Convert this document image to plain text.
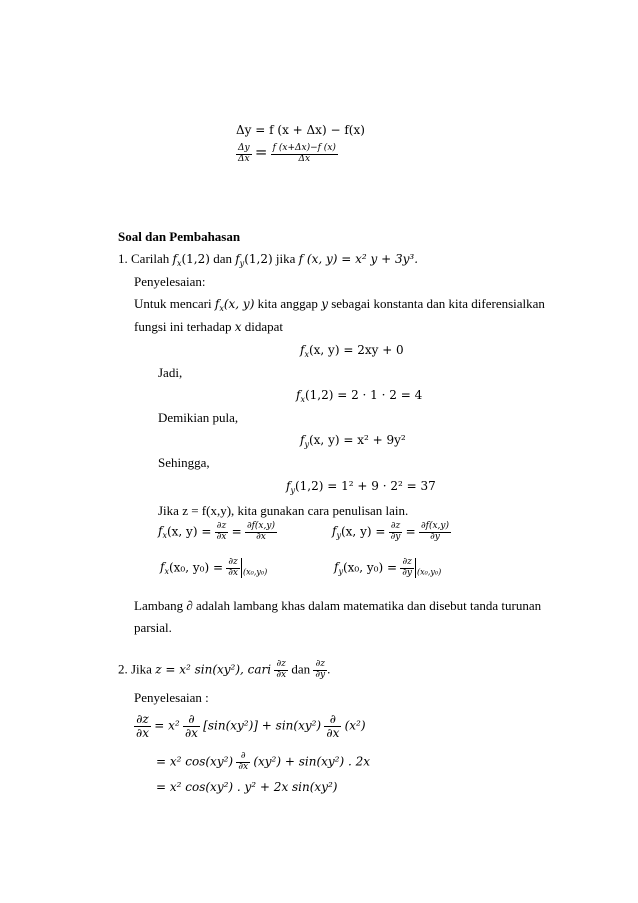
Δy = f (x + Δx) − f(x)
$\frac{\Delta y}{\Delta x} = \frac{f (x+\Delta x)-f (x)}{\Delta x}$
Soal dan Pembahasan
1. Carilah $f_x(1,2)$ dan $f_y(1,2)$ jika f (x, y) = x² y + 3y³.
Penyelesaian:
Untuk mencari $f_x(x$, y) kita anggap y sebagai konstanta dan kita diferensialkan
fungsi ini terhadap x didapat
$f_x(x$, y) = 2xy + 0
Jadi,
$f_x(1,2) = 2 \cdot 1 \cdot 2 = 4$
Demikian pula,
$f_y(x$, y) = x² + 9y²
Sehingga,
$f_y(1,2) = 1^2 + 9 \cdot 2^2 = 37$
Jika z = f(x,y), kita gunakan cara penulisan lain.
$f_x(x$, $y) = \frac{\partial z}{\partial x} = \frac{\partial f(x,y)}{\partial x}$	$f_y(x$, $y) = \frac{\partial z}{\partial y} = \frac{\partial f(x,y)}{\partial y}$
$f_x(x_0$, $y_0) = \frac{\partial z}{\partial x} _{(x_0,y_0)}$	$f_y(x_0$, $y_0) = \frac{\partial z}{\partial y} _{(x_0,y_0)}$
Lambang ∂ adalah lambang khas dalam matematika dan disebut tanda turunan
parsial.
2. Jika z = x² sin(xy²), cari $\frac{\partial z}{\partial x}$ dan $\frac{\partial z}{\partial y}$ .
Penyelesaian :
$\frac{\partial z}{\partial x} = x^2 \frac{\partial}{\partial x} [\sin(xy^2)] + \sin(xy^2) \frac{\partial}{\partial x} (x^2)$
= x² $\cos(xy^2) \frac{\partial}{\partial x} (xy^2) + \sin(xy^2)$ . 2x
= x² cos(xy²) . y² + 2x sin(xy²)
